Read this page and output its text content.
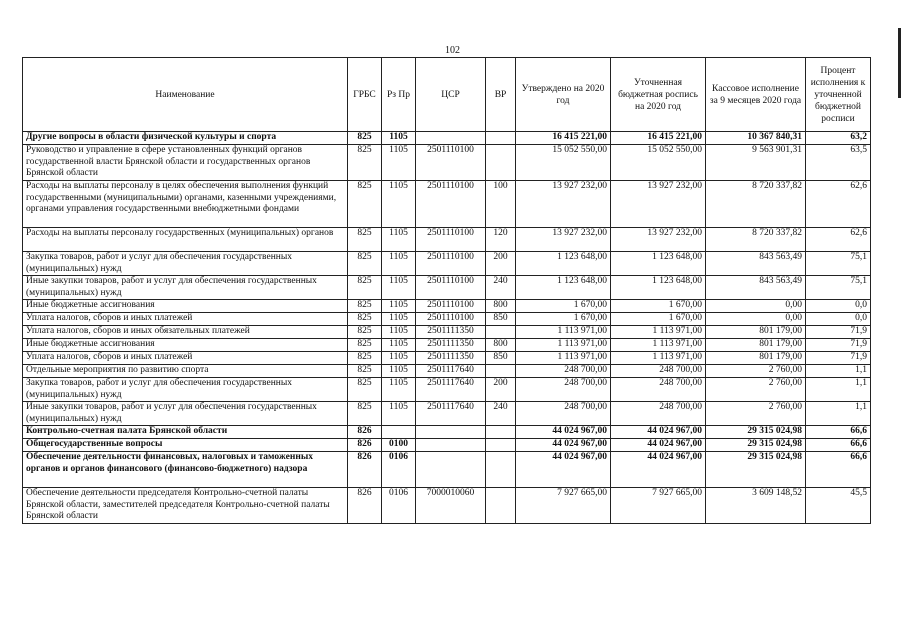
102
Наименование	ГРБС	Рз Пр	ЦСР	ВР	Утверждено на 2020 год	Уточненная бюджетная роспись на 2020 год	Кассовое исполнение за 9 месяцев 2020 года	Процент исполнения к уточненной бюджетной росписи
Другие вопросы в области физической культуры и спорта	825	1105			16 415 221,00	16 415 221,00	10 367 840,31	63,2
Руководство и управление в сфере установленных функций органов государственной власти Брянской области и государственных органов Брянской области	825	1105	2501110100		15 052 550,00	15 052 550,00	9 563 901,31	63,5
Расходы на выплаты персоналу в целях обеспечения выполнения функций государственными (муниципальными) органами, казенными учреждениями, органами управления государственными внебюджетными фондами	825	1105	2501110100	100	13 927 232,00	13 927 232,00	8 720 337,82	62,6
Расходы на выплаты персоналу государственных (муниципальных) органов	825	1105	2501110100	120	13 927 232,00	13 927 232,00	8 720 337,82	62,6
Закупка товаров, работ и услуг для обеспечения государственных (муниципальных) нужд	825	1105	2501110100	200	1 123 648,00	1 123 648,00	843 563,49	75,1
Иные закупки товаров, работ и услуг для обеспечения государственных (муниципальных) нужд	825	1105	2501110100	240	1 123 648,00	1 123 648,00	843 563,49	75,1
Иные бюджетные ассигнования	825	1105	2501110100	800	1 670,00	1 670,00	0,00	0,0
Уплата налогов, сборов и иных платежей	825	1105	2501110100	850	1 670,00	1 670,00	0,00	0,0
Уплата налогов, сборов и иных обязательных платежей	825	1105	2501111350		1 113 971,00	1 113 971,00	801 179,00	71,9
Иные бюджетные ассигнования	825	1105	2501111350	800	1 113 971,00	1 113 971,00	801 179,00	71,9
Уплата налогов, сборов и иных платежей	825	1105	2501111350	850	1 113 971,00	1 113 971,00	801 179,00	71,9
Отдельные мероприятия по развитию спорта	825	1105	2501117640		248 700,00	248 700,00	2 760,00	1,1
Закупка товаров, работ и услуг для обеспечения государственных (муниципальных) нужд	825	1105	2501117640	200	248 700,00	248 700,00	2 760,00	1,1
Иные закупки товаров, работ и услуг для обеспечения государственных (муниципальных) нужд	825	1105	2501117640	240	248 700,00	248 700,00	2 760,00	1,1
Контрольно-счетная палата Брянской области	826				44 024 967,00	44 024 967,00	29 315 024,98	66,6
Общегосударственные вопросы	826	0100			44 024 967,00	44 024 967,00	29 315 024,98	66,6
Обеспечение деятельности финансовых, налоговых и таможенных органов и органов финансового (финансово-бюджетного) надзора	826	0106			44 024 967,00	44 024 967,00	29 315 024,98	66,6
Обеспечение деятельности председателя Контрольно-счетной палаты Брянской области, заместителей председателя Контрольно-счетной палаты Брянской области	826	0106	7000010060		7 927 665,00	7 927 665,00	3 609 148,52	45,5
